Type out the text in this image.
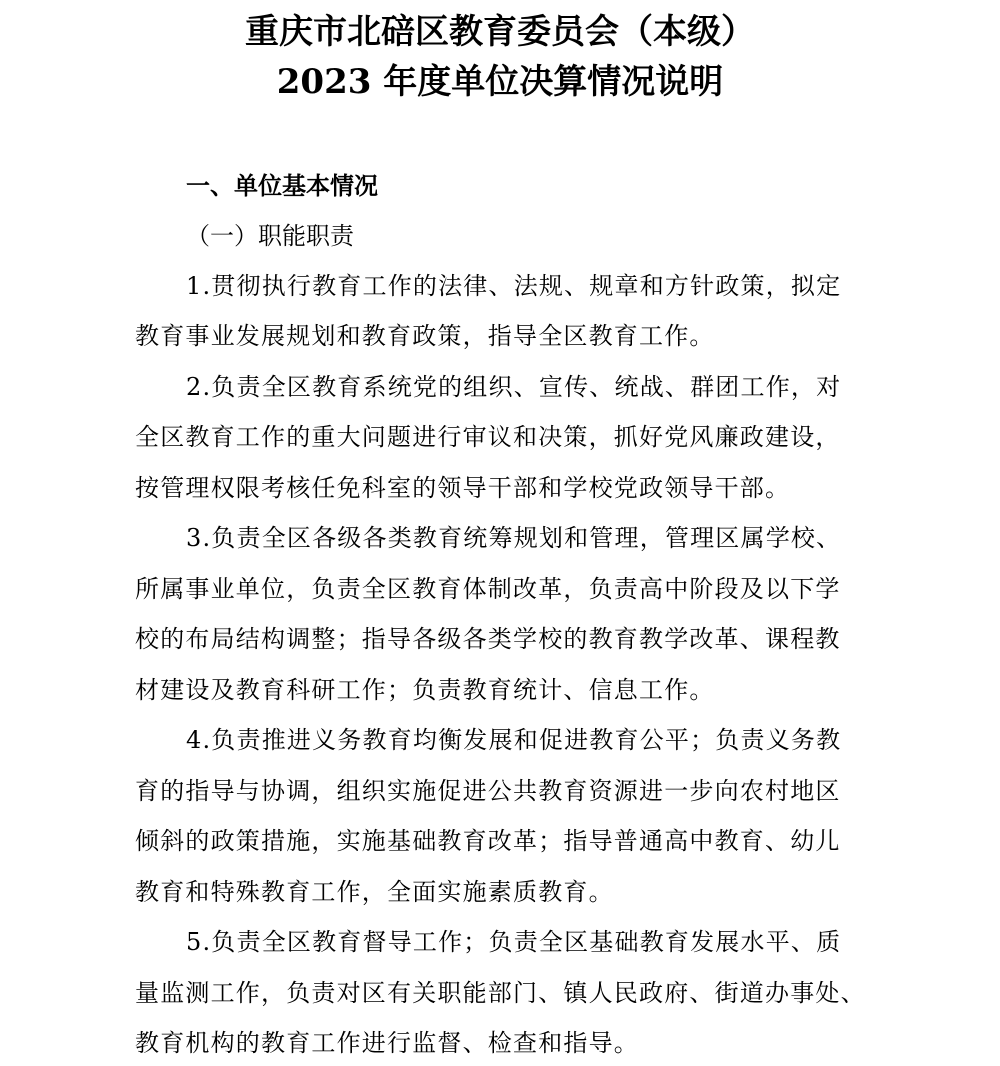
重庆市北碚区教育委员会（本级）
2023 年度单位决算情况说明
一、单位基本情况
（一）职能职责
1.贯彻执行教育工作的法律、法规、规章和方针政策，拟定
教育事业发展规划和教育政策，指导全区教育工作。
2.负责全区教育系统党的组织、宣传、统战、群团工作，对
全区教育工作的重大问题进行审议和决策，抓好党风廉政建设，
按管理权限考核任免科室的领导干部和学校党政领导干部。
3.负责全区各级各类教育统筹规划和管理，管理区属学校、
所属事业单位，负责全区教育体制改革，负责高中阶段及以下学
校的布局结构调整；指导各级各类学校的教育教学改革、课程教
材建设及教育科研工作；负责教育统计、信息工作。
4.负责推进义务教育均衡发展和促进教育公平；负责义务教
育的指导与协调，组织实施促进公共教育资源进一步向农村地区
倾斜的政策措施，实施基础教育改革；指导普通高中教育、幼儿
教育和特殊教育工作，全面实施素质教育。
5.负责全区教育督导工作；负责全区基础教育发展水平、质
量监测工作，负责对区有关职能部门、镇人民政府、街道办事处、
教育机构的教育工作进行监督、检查和指导。
